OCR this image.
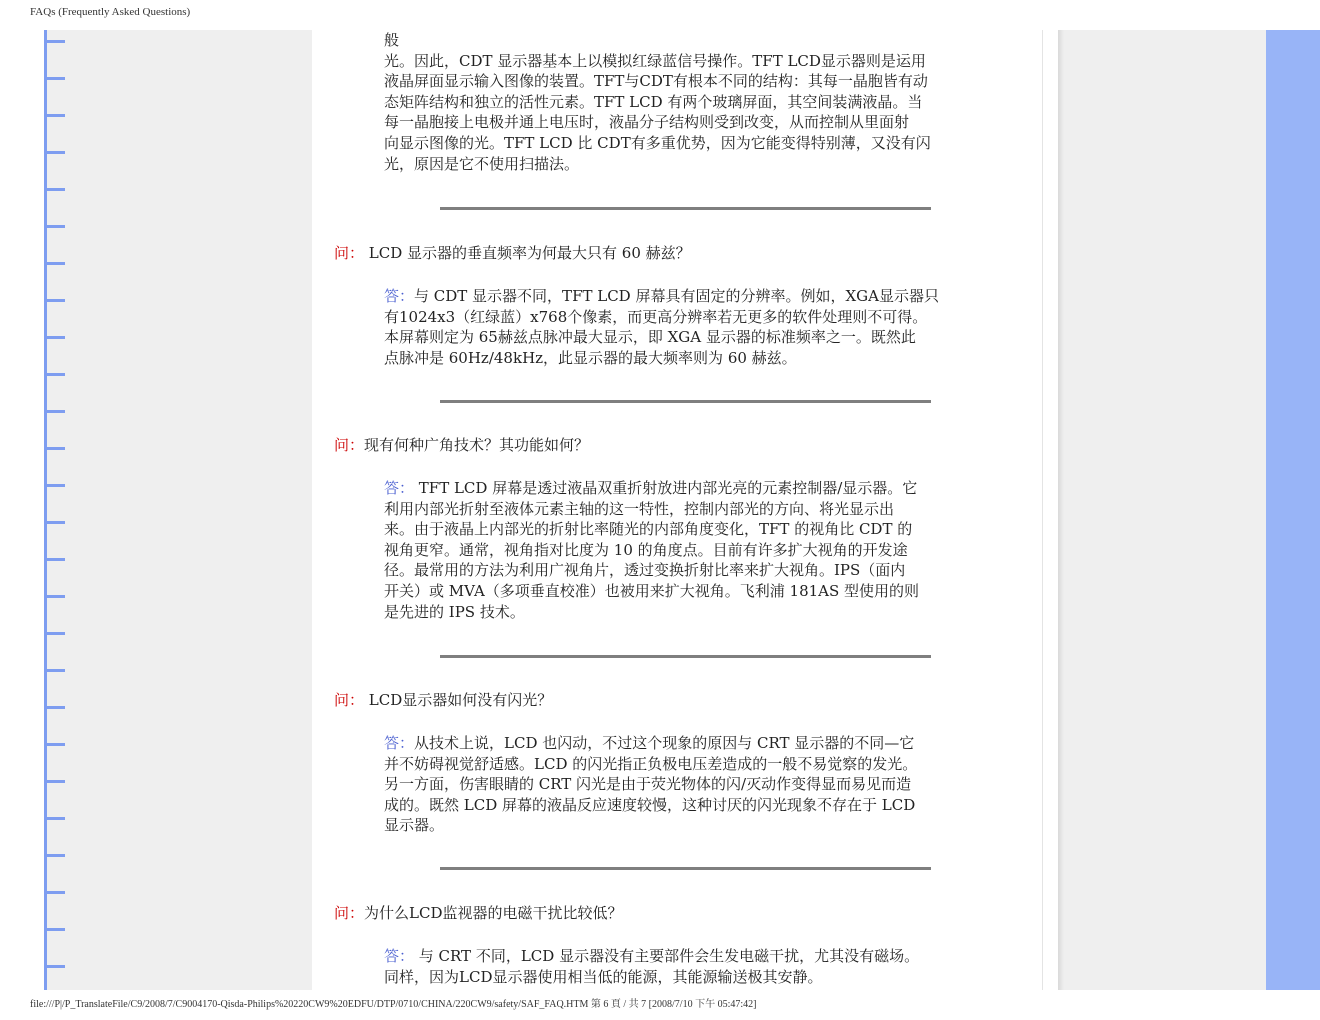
FAQs (Frequently Asked Questions)
般
光。因此，CDT 显示器基本上以模拟红绿蓝信号操作。TFT LCD显示器则是运用
液晶屏面显示输入图像的装置。TFT与CDT有根本不同的结构：其每一晶胞皆有动
态矩阵结构和独立的活性元素。TFT LCD 有两个玻璃屏面，其空间装满液晶。当
每一晶胞接上电极并通上电压时，液晶分子结构则受到改变，从而控制从里面射
向显示图像的光。TFT LCD 比 CDT有多重优势，因为它能变得特别薄，又没有闪
光，原因是它不使用扫描法。
问： LCD 显示器的垂直频率为何最大只有 60 赫兹？
答：与 CDT 显示器不同，TFT LCD 屏幕具有固定的分辨率。例如，XGA显示器只
有1024x3（红绿蓝）x768个像素，而更高分辨率若无更多的软件处理则不可得。
本屏幕则定为 65赫兹点脉冲最大显示，即 XGA 显示器的标准频率之一。既然此
点脉冲是 60Hz/48kHz，此显示器的最大频率则为 60 赫兹。
问：现有何种广角技术？其功能如何？
答： TFT LCD 屏幕是透过液晶双重折射放进内部光亮的元素控制器/显示器。它
利用内部光折射至液体元素主轴的这一特性，控制内部光的方向、将光显示出
来。由于液晶上内部光的折射比率随光的内部角度变化，TFT 的视角比 CDT 的
视角更窄。通常，视角指对比度为 10 的角度点。目前有许多扩大视角的开发途
径。最常用的方法为利用广视角片，透过变换折射比率来扩大视角。IPS（面内
开关）或 MVA（多项垂直校准）也被用来扩大视角。飞利浦 181AS 型使用的则
是先进的 IPS 技术。
问： LCD显示器如何没有闪光？
答：从技术上说，LCD 也闪动，不过这个现象的原因与 CRT 显示器的不同—它
并不妨碍视觉舒适感。LCD 的闪光指正负极电压差造成的一般不易觉察的发光。
另一方面，伤害眼睛的 CRT 闪光是由于荧光物体的闪/灭动作变得显而易见而造
成的。既然 LCD 屏幕的液晶反应速度较慢，这种讨厌的闪光现象不存在于 LCD
显示器。
问：为什么LCD监视器的电磁干扰比较低？
答： 与 CRT 不同，LCD 显示器没有主要部件会生发电磁干扰，尤其没有磁场。
同样，因为LCD显示器使用相当低的能源，其能源输送极其安静。
file:///P|/P_TranslateFile/C9/2008/7/C9004170-Qisda-Philips%20220CW9%20EDFU/DTP/0710/CHINA/220CW9/safety/SAF_FAQ.HTM 第 6 頁 / 共 7 [2008/7/10 下午 05:47:42]
